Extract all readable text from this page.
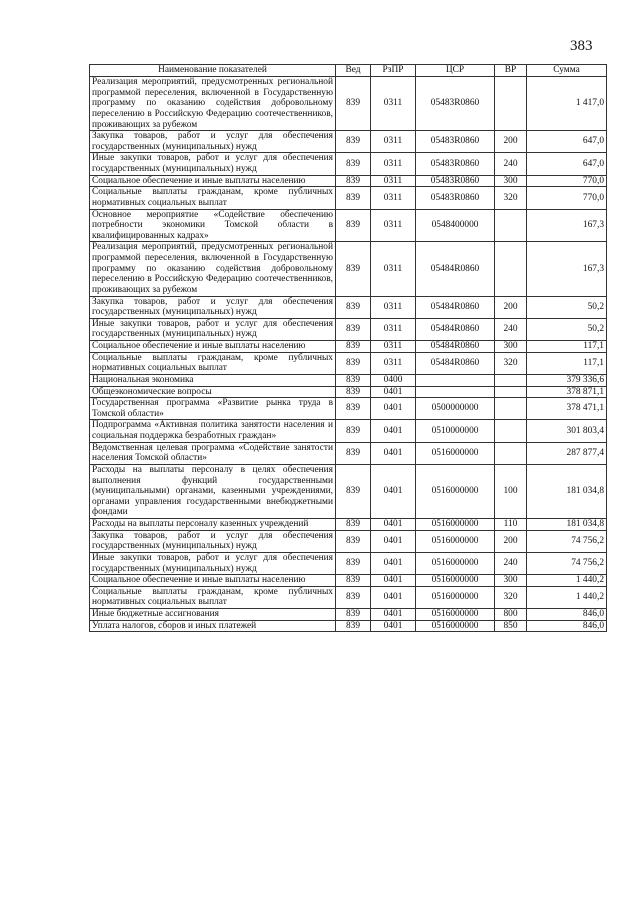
383
Наименование показателей	Вед	РзПР	ЦСР	ВР	Сумма
Реализация мероприятий, предусмотренных региональной программой переселения, включенной в Государственную программу по оказанию содействия добровольному переселению в Российскую Федерацию соотечественников, проживающих за рубежом	839	0311	05483R0860		1 417,0
Закупка товаров, работ и услуг для обеспечения государственных (муниципальных) нужд	839	0311	05483R0860	200	647,0
Иные закупки товаров, работ и услуг для обеспечения государственных (муниципальных) нужд	839	0311	05483R0860	240	647,0
Социальное обеспечение и иные выплаты населению	839	0311	05483R0860	300	770,0
Социальные выплаты гражданам, кроме публичных нормативных социальных выплат	839	0311	05483R0860	320	770,0
Основное мероприятие «Содействие обеспечению потребности экономики Томской области в квалифицированных кадрах»	839	0311	0548400000		167,3
Реализация мероприятий, предусмотренных региональной программой переселения, включенной в Государственную программу по оказанию содействия добровольному переселению в Российскую Федерацию соотечественников, проживающих за рубежом	839	0311	05484R0860		167,3
Закупка товаров, работ и услуг для обеспечения государственных (муниципальных) нужд	839	0311	05484R0860	200	50,2
Иные закупки товаров, работ и услуг для обеспечения государственных (муниципальных) нужд	839	0311	05484R0860	240	50,2
Социальное обеспечение и иные выплаты населению	839	0311	05484R0860	300	117,1
Социальные выплаты гражданам, кроме публичных нормативных социальных выплат	839	0311	05484R0860	320	117,1
Национальная экономика	839	0400			379 336,6
Общеэкономические вопросы	839	0401			378 871,1
Государственная программа «Развитие рынка труда в Томской области»	839	0401	0500000000		378 471,1
Подпрограмма «Активная политика занятости населения и социальная поддержка безработных граждан»	839	0401	0510000000		301 803,4
Ведомственная целевая программа «Содействие занятости населения Томской области»	839	0401	0516000000		287 877,4
Расходы на выплаты персоналу в целях обеспечения выполнения функций государственными (муниципальными) органами, казенными учреждениями, органами управления государственными внебюджетными фондами	839	0401	0516000000	100	181 034,8
Расходы на выплаты персоналу казенных учреждений	839	0401	0516000000	110	181 034,8
Закупка товаров, работ и услуг для обеспечения государственных (муниципальных) нужд	839	0401	0516000000	200	74 756,2
Иные закупки товаров, работ и услуг для обеспечения государственных (муниципальных) нужд	839	0401	0516000000	240	74 756,2
Социальное обеспечение и иные выплаты населению	839	0401	0516000000	300	1 440,2
Социальные выплаты гражданам, кроме публичных нормативных социальных выплат	839	0401	0516000000	320	1 440,2
Иные бюджетные ассигнования	839	0401	0516000000	800	846,0
Уплата налогов, сборов и иных платежей	839	0401	0516000000	850	846,0
